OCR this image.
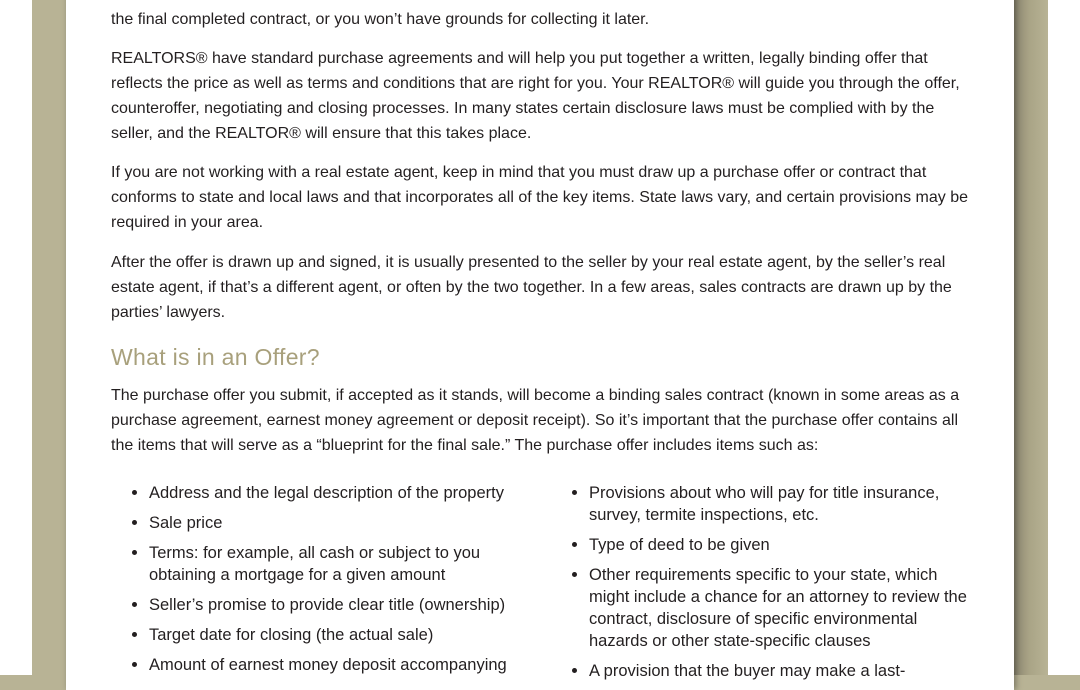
the final completed contract, or you won’t have grounds for collecting it later.

REALTORS® have standard purchase agreements and will help you put together a written, legally binding offer that reflects the price as well as terms and conditions that are right for you. Your REALTOR® will guide you through the offer, counteroffer, negotiating and closing processes. In many states certain disclosure laws must be complied with by the seller, and the REALTOR® will ensure that this takes place.

If you are not working with a real estate agent, keep in mind that you must draw up a purchase offer or contract that conforms to state and local laws and that incorporates all of the key items. State laws vary, and certain provisions may be required in your area.

After the offer is drawn up and signed, it is usually presented to the seller by your real estate agent, by the seller’s real estate agent, if that’s a different agent, or often by the two together. In a few areas, sales contracts are drawn up by the parties’ lawyers.

What is in an Offer?

The purchase offer you submit, if accepted as it stands, will become a binding sales contract (known in some areas as a purchase agreement, earnest money agreement or deposit receipt). So it’s important that the purchase offer contains all the items that will serve as a “blueprint for the final sale.” The purchase offer includes items such as:

Address and the legal description of the property
Sale price
Terms: for example, all cash or subject to you obtaining a mortgage for a given amount
Seller’s promise to provide clear title (ownership)
Target date for closing (the actual sale)
Amount of earnest money deposit accompanying
Provisions about who will pay for title insurance, survey, termite inspections, etc.
Type of deed to be given
Other requirements specific to your state, which might include a chance for an attorney to review the contract, disclosure of specific environmental hazards or other state-specific clauses
A provision that the buyer may make a last-
